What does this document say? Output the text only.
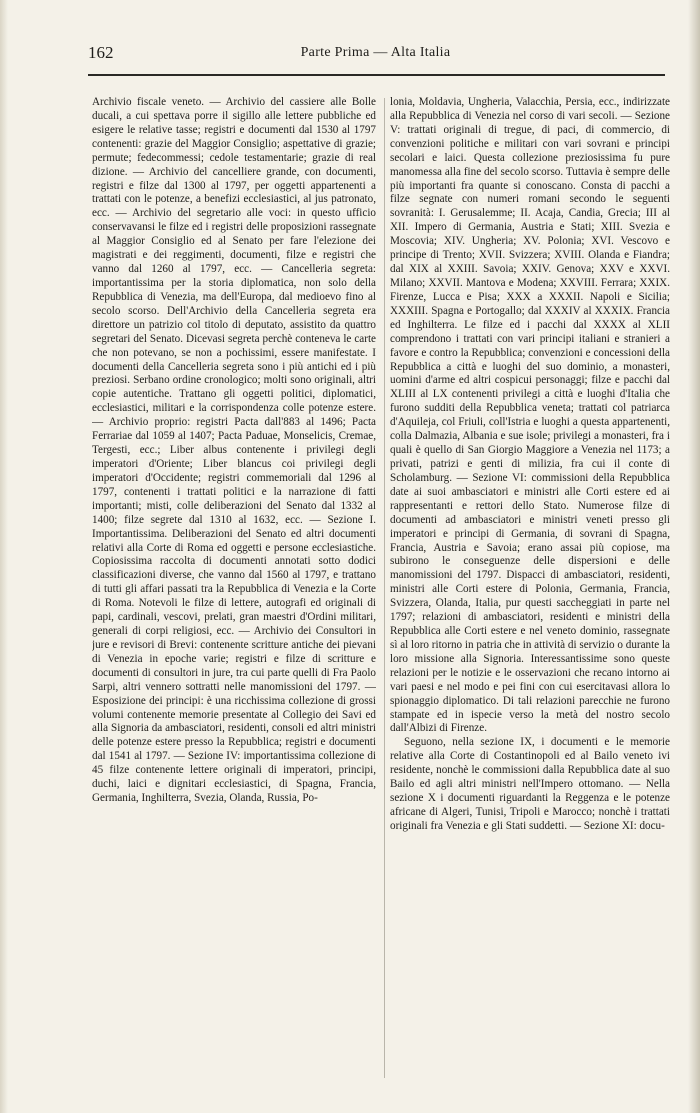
162	Parte Prima — Alta Italia

Archivio fiscale veneto. — Archivio del cassiere alle Bolle ducali, a cui spettava porre il sigillo alle lettere pubbliche ed esigere le relative tasse; registri e documenti dal 1530 al 1797 contenenti: grazie del Maggior Consiglio; aspettative di grazie; permute; fedecommessi; cedole testamentarie; grazie di real dizione. — Archivio del cancelliere grande, con documenti, registri e filze dal 1300 al 1797, per oggetti appartenenti a trattati con le potenze, a benefizi ecclesiastici, al jus patronato, ecc. — Archivio del segretario alle voci: in questo ufficio conservavansi le filze ed i registri delle proposizioni rassegnate al Maggior Consiglio ed al Senato per fare l'elezione dei magistrati e dei reggimenti, documenti, filze e registri che vanno dal 1260 al 1797, ecc. — Cancelleria segreta: importantissima per la storia diplomatica, non solo della Repubblica di Venezia, ma dell'Europa, dal medioevo fino al secolo scorso. Dell'Archivio della Cancelleria segreta era direttore un patrizio col titolo di deputato, assistito da quattro segretari del Senato. Dicevasi segreta perchè conteneva le carte che non potevano, se non a pochissimi, essere manifestate. I documenti della Cancelleria segreta sono i più antichi ed i più preziosi. Serbano ordine cronologico; molti sono originali, altri copie autentiche. Trattano gli oggetti politici, diplomatici, ecclesiastici, militari e la corrispondenza colle potenze estere. — Archivio proprio: registri Pacta dall'883 al 1496; Pacta Ferrariae dal 1059 al 1407; Pacta Paduae, Monselicis, Cremae, Tergesti, ecc.; Liber albus contenente i privilegi degli imperatori d'Oriente; Liber blancus coi privilegi degli imperatori d'Occidente; registri commemoriali dal 1296 al 1797, contenenti i trattati politici e la narrazione di fatti importanti; misti, colle deliberazioni del Senato dal 1332 al 1400; filze segrete dal 1310 al 1632, ecc. — Sezione I. Importantissima. Deliberazioni del Senato ed altri documenti relativi alla Corte di Roma ed oggetti e persone ecclesiastiche. Copiosissima raccolta di documenti annotati sotto dodici classificazioni diverse, che vanno dal 1560 al 1797, e trattano di tutti gli affari passati tra la Repubblica di Venezia e la Corte di Roma. Notevoli le filze di lettere, autografi ed originali di papi, cardinali, vescovi, prelati, gran maestri d'Ordini militari, generali di corpi religiosi, ecc. — Archivio dei Consultori in jure e revisori di Brevi: contenente scritture antiche dei pievani di Venezia in epoche varie; registri e filze di scritture e documenti di consultori in jure, tra cui parte quelli di Fra Paolo Sarpi, altri vennero sottratti nelle manomissioni del 1797. — Esposizione dei principi: è una ricchissima collezione di grossi volumi contenente memorie presentate al Collegio dei Savi ed alla Signoria da ambasciatori, residenti, consoli ed altri ministri delle potenze estere presso la Repubblica; registri e documenti dal 1541 al 1797. — Sezione IV: importantissima collezione di 45 filze contenente lettere originali di imperatori, principi, duchi, laici e dignitari ecclesiastici, di Spagna, Francia, Germania, Inghilterra, Svezia, Olanda, Russia, Po-

lonia, Moldavia, Ungheria, Valacchia, Persia, ecc., indirizzate alla Repubblica di Venezia nel corso di vari secoli. — Sezione V: trattati originali di tregue, di paci, di commercio, di convenzioni politiche e militari con vari sovrani e principi secolari e laici. Questa collezione preziosissima fu pure manomessa alla fine del secolo scorso. Tuttavia è sempre delle più importanti fra quante si conoscano. Consta di pacchi a filze segnate con numeri romani secondo le seguenti sovranità: I. Gerusalemme; II. Acaja, Candia, Grecia; III al XII. Impero di Germania, Austria e Stati; XIII. Svezia e Moscovia; XIV. Ungheria; XV. Polonia; XVI. Vescovo e principe di Trento; XVII. Svizzera; XVIII. Olanda e Fiandra; dal XIX al XXIII. Savoia; XXIV. Genova; XXV e XXVI. Milano; XXVII. Mantova e Modena; XXVIII. Ferrara; XXIX. Firenze, Lucca e Pisa; XXX a XXXII. Napoli e Sicilia; XXXIII. Spagna e Portogallo; dal XXXIV al XXXIX. Francia ed Inghilterra. Le filze ed i pacchi dal XXXX al XLII comprendono i trattati con vari principi italiani e stranieri a favore e contro la Repubblica; convenzioni e concessioni della Repubblica a città e luoghi del suo dominio, a monasteri, uomini d'arme ed altri cospicui personaggi; filze e pacchi dal XLIII al LX contenenti privilegi a città e luoghi d'Italia che furono sudditi della Repubblica veneta; trattati col patriarca d'Aquileja, col Friuli, coll'Istria e luoghi a questa appartenenti, colla Dalmazia, Albania e sue isole; privilegi a monasteri, fra i quali è quello di San Giorgio Maggiore a Venezia nel 1173; a privati, patrizi e genti di milizia, fra cui il conte di Scholamburg. — Sezione VI: commissioni della Repubblica date ai suoi ambasciatori e ministri alle Corti estere ed ai rappresentanti e rettori dello Stato. Numerose filze di documenti ad ambasciatori e ministri veneti presso gli imperatori e principi di Germania, di sovrani di Spagna, Francia, Austria e Savoia; erano assai più copiose, ma subirono le conseguenze delle dispersioni e delle manomissioni del 1797. Dispacci di ambasciatori, residenti, ministri alle Corti estere di Polonia, Germania, Francia, Svizzera, Olanda, Italia, pur questi saccheggiati in parte nel 1797; relazioni di ambasciatori, residenti e ministri della Repubblica alle Corti estere e nel veneto dominio, rassegnate sì al loro ritorno in patria che in attività di servizio o durante la loro missione alla Signoria. Interessantissime sono queste relazioni per le notizie e le osservazioni che recano intorno ai vari paesi e nel modo e pei fini con cui esercitavasi allora lo spionaggio diplomatico. Di tali relazioni parecchie ne furono stampate ed in ispecie verso la metà del nostro secolo dall'Albizi di Firenze.

Seguono, nella sezione IX, i documenti e le memorie relative alla Corte di Costantinopoli ed al Bailo veneto ivi residente, nonchè le commissioni dalla Repubblica date al suo Bailo ed agli altri ministri nell'Impero ottomano. — Nella sezione X i documenti riguardanti la Reggenza e le potenze africane di Algeri, Tunisi, Tripoli e Marocco; nonchè i trattati originali fra Venezia e gli Stati suddetti. — Sezione XI: docu-
